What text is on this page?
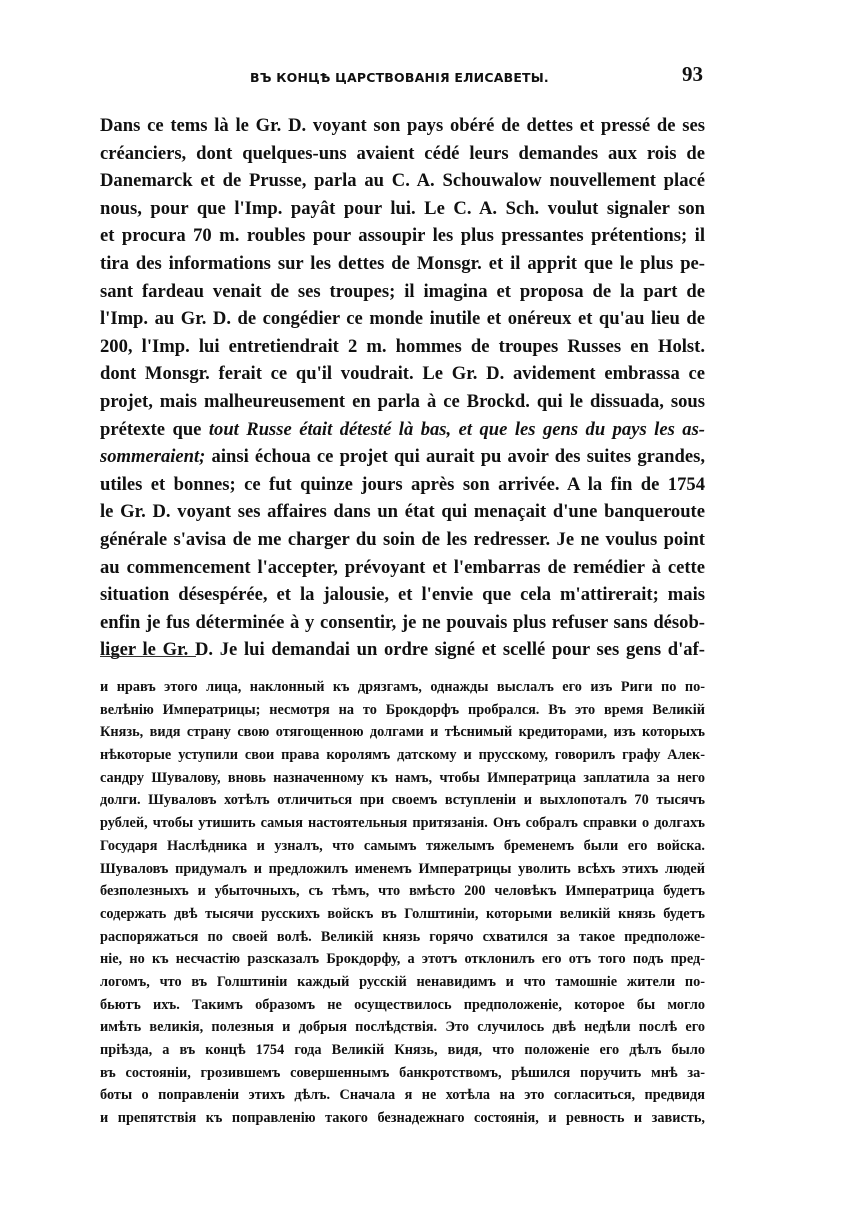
ВЪ КОНЦѢ ЦАРСТВОВАНІЯ ЕЛИСАВЕТЫ.	93
Dans ce tems là le Gr. D. voyant son pays obéré de dettes et pressé de ses
créanciers, dont quelques-uns avaient cédé leurs demandes aux rois de
Danemarck et de Prusse, parla au C. A. Schouwalow nouvellement placé
nous, pour que l'Imp. payât pour lui. Le C. A. Sch. voulut signaler son
et procura 70 m. roubles pour assoupir les plus pressantes prétentions; il
tira des informations sur les dettes de Monsgr. et il apprit que le plus pe-
sant fardeau venait de ses troupes; il imagina et proposa de la part de
l'Imp. au Gr. D. de congédier ce monde inutile et onéreux et qu'au lieu de
200, l'Imp. lui entretiendrait 2 m. hommes de troupes Russes en Holst.
dont Monsgr. ferait ce qu'il voudrait. Le Gr. D. avidement embrassa ce
projet, mais malheureusement en parla à ce Brockd. qui le dissuada, sous
prétexte que tout Russe était détesté là bas, et que les gens du pays les as-
sommeraient; ainsi échoua ce projet qui aurait pu avoir des suites grandes,
utiles et bonnes; ce fut quinze jours après son arrivée. A la fin de 1754
le Gr. D. voyant ses affaires dans un état qui menaçait d'une banqueroute
générale s'avisa de me charger du soin de les redresser. Je ne voulus point
au commencement l'accepter, prévoyant et l'embarras de remédier à cette
situation désespérée, et la jalousie, et l'envie que cela m'attirerait; mais
enfin je fus déterminée à y consentir, je ne pouvais plus refuser sans désob-
liger le Gr. D. Je lui demandai un ordre signé et scellé pour ses gens d'af-
и нравъ этого лица, наклонный къ дрязгамъ, однажды выслалъ его изъ Риги по по-
велѣнію Императрицы; несмотря на то Брокдорфъ пробрался. Въ это время Великій
Князь, видя страну свою отягощенною долгами и тѣснимый кредиторами, изъ которыхъ
нѣкоторые уступили свои права королямъ датскому и прусскому, говорилъ графу Алек-
сандру Шувалову, вновь назначенному къ намъ, чтобы Императрица заплатила за него
долги. Шуваловъ хотѣлъ отличиться при своемъ вступленіи и выхлопоталъ 70 тысячъ
рублей, чтобы утишить самыя настоятельныя притязанія. Онъ собралъ справки о долгахъ
Государя Наслѣдника и узналъ, что самымъ тяжелымъ бременемъ были его войска.
Шуваловъ придумалъ и предложилъ именемъ Императрицы уволить всѣхъ этихъ людей
безполезныхъ и убыточныхъ, съ тѣмъ, что вмѣсто 200 человѣкъ Императрица будетъ
содержать двѣ тысячи русскихъ войскъ въ Голштиніи, которыми великій князь будетъ
распоряжаться по своей волѣ. Великій князь горячо схватился за такое предположе-
ніе, но къ несчастію разсказалъ Брокдорфу, а этотъ отклонилъ его отъ того подъ пред-
логомъ, что въ Голштиніи каждый русскій ненавидимъ и что тамошніе жители по-
бьютъ ихъ. Такимъ образомъ не осуществилось предположеніе, которое бы могло
имѣть великія, полезныя и добрыя послѣдствія. Это случилось двѣ недѣли послѣ его
пріѣзда, а въ концѣ 1754 года Великій Князь, видя, что положеніе его дѣлъ было
въ состояніи, грозившемъ совершеннымъ банкротствомъ, рѣшился поручить мнѣ за-
боты о поправленіи этихъ дѣлъ. Сначала я не хотѣла на это согласиться, предвидя
и препятствія къ поправленію такого безнадежнаго состоянія, и ревность и зависть,
